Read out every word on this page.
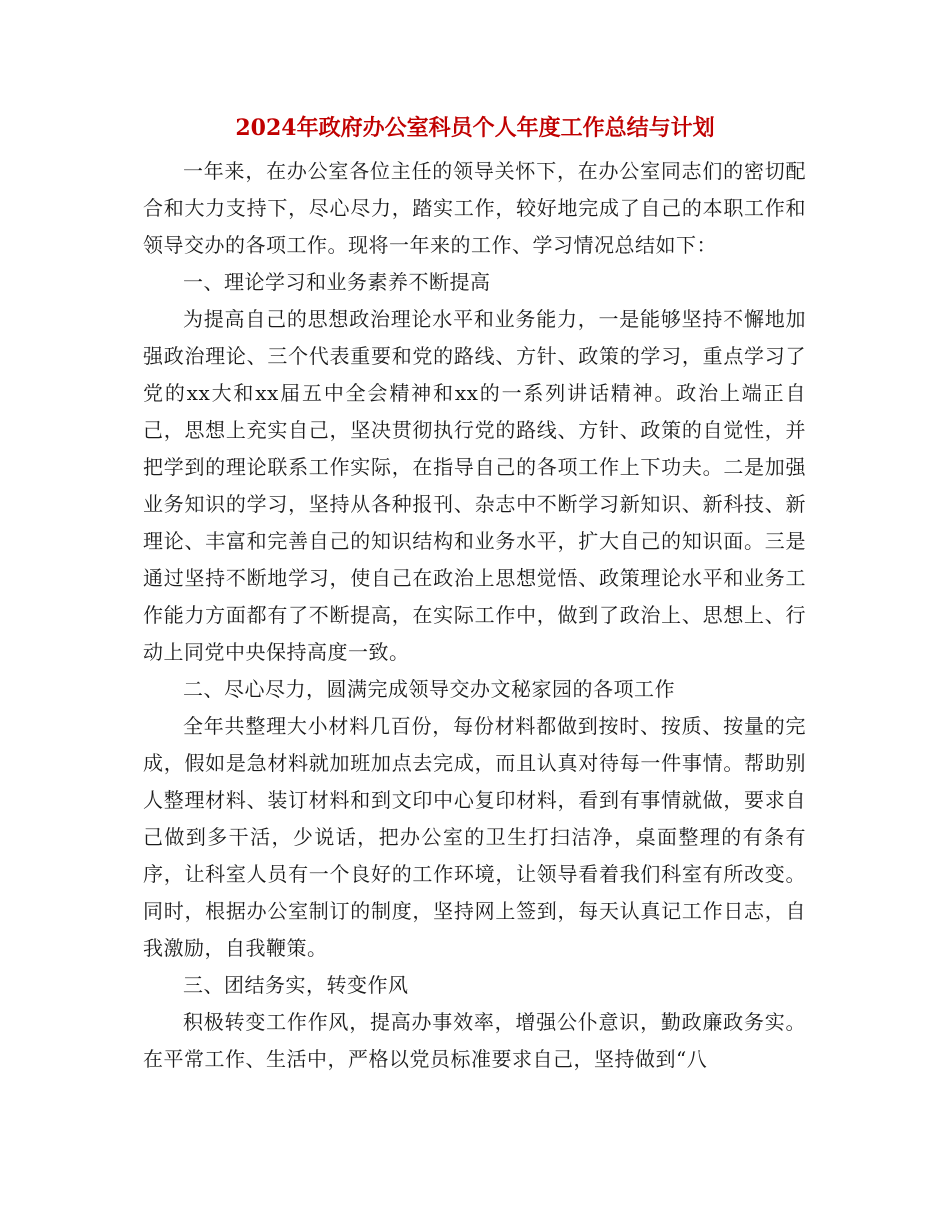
2024年政府办公室科员个人年度工作总结与计划

一年来，在办公室各位主任的领导关怀下，在办公室同志们的密切配合和大力支持下，尽心尽力，踏实工作，较好地完成了自己的本职工作和领导交办的各项工作。现将一年来的工作、学习情况总结如下：

一、理论学习和业务素养不断提高

为提高自己的思想政治理论水平和业务能力，一是能够坚持不懈地加强政治理论、三个代表重要和党的路线、方针、政策的学习，重点学习了党的xx大和xx届五中全会精神和xx的一系列讲话精神。政治上端正自己，思想上充实自己，坚决贯彻执行党的路线、方针、政策的自觉性，并把学到的理论联系工作实际，在指导自己的各项工作上下功夫。二是加强业务知识的学习，坚持从各种报刊、杂志中不断学习新知识、新科技、新理论、丰富和完善自己的知识结构和业务水平，扩大自己的知识面。三是通过坚持不断地学习，使自己在政治上思想觉悟、政策理论水平和业务工作能力方面都有了不断提高，在实际工作中，做到了政治上、思想上、行动上同党中央保持高度一致。

二、尽心尽力，圆满完成领导交办文秘家园的各项工作

全年共整理大小材料几百份，每份材料都做到按时、按质、按量的完成，假如是急材料就加班加点去完成，而且认真对待每一件事情。帮助别人整理材料、装订材料和到文印中心复印材料，看到有事情就做，要求自己做到多干活，少说话，把办公室的卫生打扫洁净，桌面整理的有条有序，让科室人员有一个良好的工作环境，让领导看着我们科室有所改变。同时，根据办公室制订的制度，坚持网上签到，每天认真记工作日志，自我激励，自我鞭策。

三、团结务实，转变作风

积极转变工作作风，提高办事效率，增强公仆意识，勤政廉政务实。在平常工作、生活中，严格以党员标准要求自己，坚持做到“八
